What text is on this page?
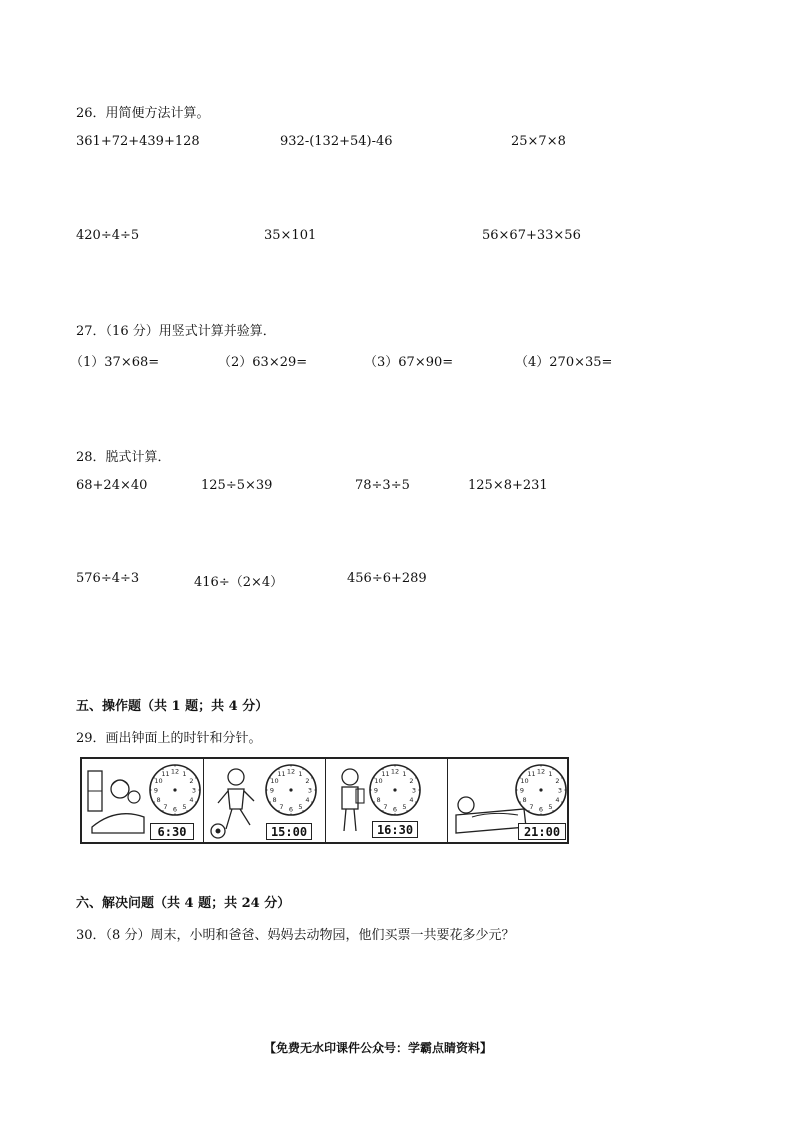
26．用简便方法计算。
361+72+439+128	932-(132+54)-46	25×7×8
420÷4÷5	35×101	56×67+33×56
27．（16 分）用竖式计算并验算．
（1）37×68=	（2）63×29=	（3）67×90=	（4）270×35=
28．脱式计算．
68+24×40	125÷5×39	78÷3÷5	125×8+231
576÷4÷3	416÷（2×4）	456÷6+289
五、操作题（共 1 题；共 4 分）
29．画出钟面上的时针和分针。
1
2
3
4
5
6
7
8
9
10
11 12
6:30
1
2
3
4
5
6
7
8
9
10
11 12
15:00
1
2
3
4
5
6
7
8
9
10
11 12
16:30
1
2
3
4
5
6
7
8
9
10
11 12
21:00
六、解决问题（共 4 题；共 24 分）
30．（8 分）周末，小明和爸爸、妈妈去动物园，他们买票一共要花多少元？
【免费无水印课件公众号：学霸点睛资料】
